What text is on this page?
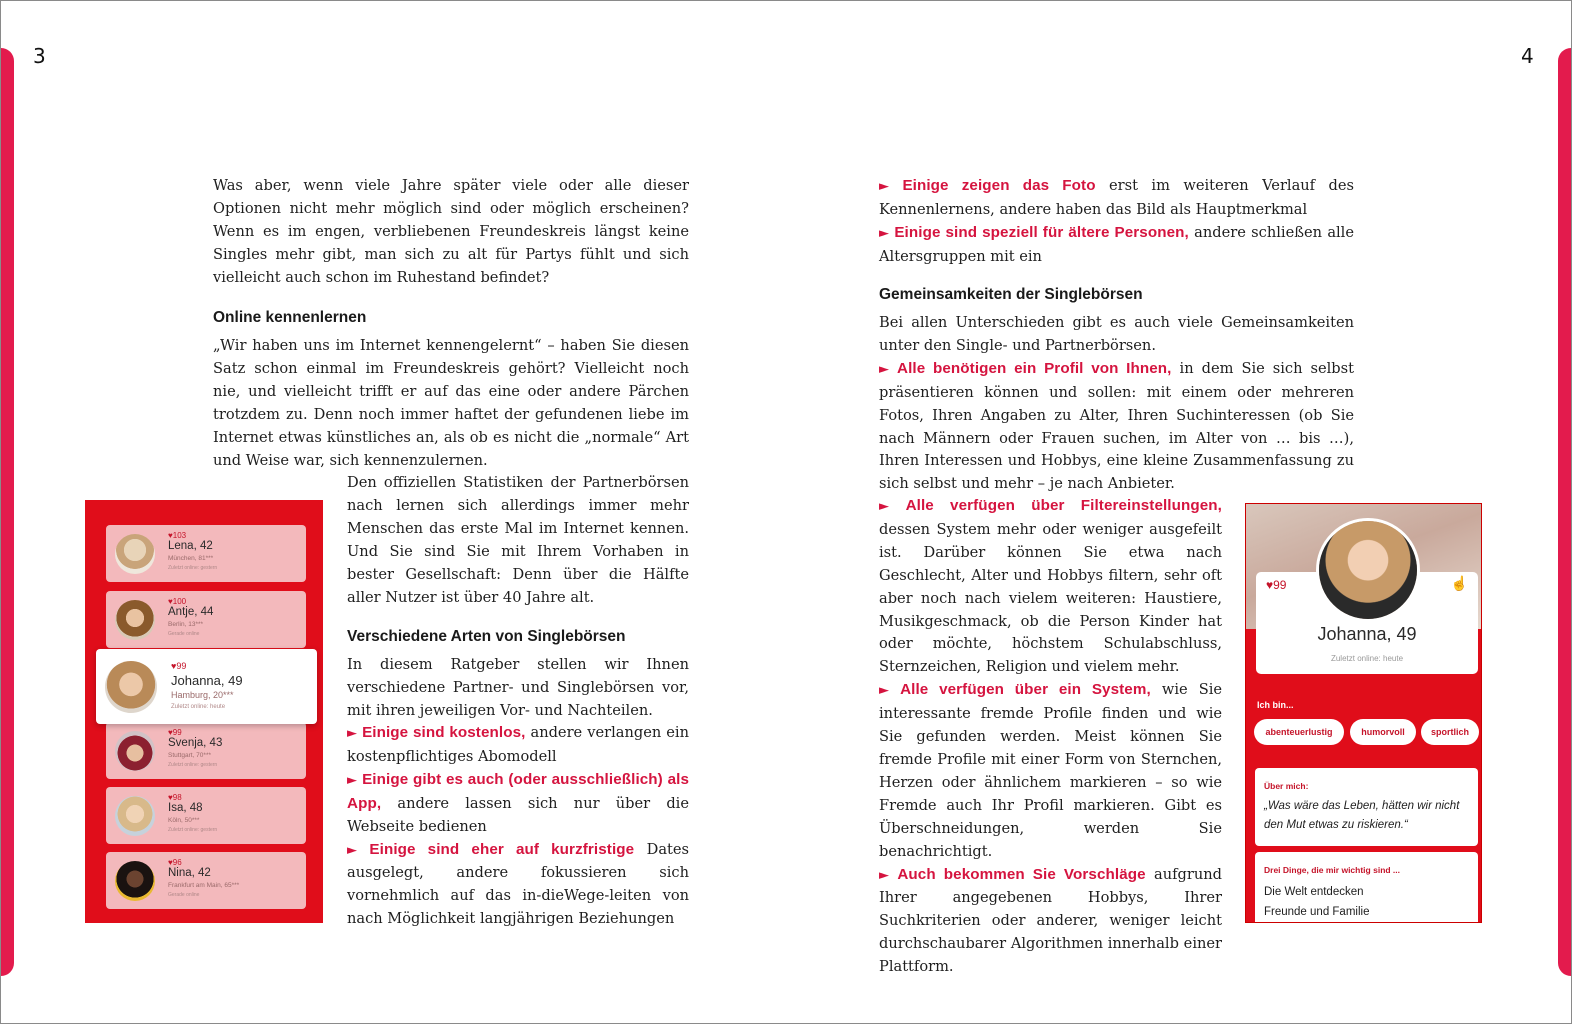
3	4

Was aber, wenn viele Jahre später viele oder alle dieser Optionen nicht mehr möglich sind oder möglich erscheinen? Wenn es im engen, verbliebenen Freundeskreis längst keine Singles mehr gibt, man sich zu alt für Partys fühlt und sich vielleicht auch schon im Ruhestand befindet?

Online kennenlernen

„Wir haben uns im Internet kennengelernt“ – haben Sie diesen Satz schon einmal im Freundeskreis gehört? Vielleicht noch nie, und vielleicht trifft er auf das eine oder andere Pärchen trotzdem zu. Denn noch immer haftet der gefundenen liebe im Internet etwas künstliches an, als ob es nicht die „normale“ Art und Weise war, sich kennenzulernen.

Den offiziellen Statistiken der Partnerbörsen nach lernen sich allerdings immer mehr Menschen das erste Mal im Internet kennen. Und Sie sind Sie mit Ihrem Vorhaben in bester Gesellschaft: Denn über die Hälfte aller Nutzer ist über 40 Jahre alt.

Verschiedene Arten von Singlebörsen

In diesem Ratgeber stellen wir Ihnen verschiedene Partner- und Singlebörsen vor, mit ihren jeweiligen Vor- und Nachteilen.

► Einige sind kostenlos, andere verlangen ein kostenpflichtiges Abomodell
► Einige gibt es auch (oder ausschließlich) als App, andere lassen sich nur über die Webseite bedienen
► Einige sind eher auf kurzfristige Dates ausgelegt, andere fokussieren sich vornehmlich auf das in-dieWege-leiten von nach Möglichkeit langjährigen Beziehungen
♥103
Lena, 42
München, 81***
Zuletzt online: gestern
♥100
Antje, 44
Berlin, 13***
Gerade online
♥99
Svenja, 43
Stuttgart, 70***
Zuletzt online: gestern
♥98
Isa, 48
Köln, 50***
Zuletzt online: gestern
♥96
Nina, 42
Frankfurt am Main, 65***
Gerade online
♥99
Johanna, 49
Hamburg, 20***
Zuletzt online: heute
► Einige zeigen das Foto erst im weiteren Verlauf des Kennenlernens, andere haben das Bild als Hauptmerkmal
► Einige sind speziell für ältere Personen, andere schließen alle Altersgruppen mit ein
Gemeinsamkeiten der Singlebörsen
Bei allen Unterschieden gibt es auch viele Gemeinsamkeiten unter den Single- und Partnerbörsen.
► Alle benötigen ein Profil von Ihnen, in dem Sie sich selbst präsentieren können und sollen: mit einem oder mehreren Fotos, Ihren Angaben zu Alter, Ihren Suchinteressen (ob Sie nach Männern oder Frauen suchen, im Alter von … bis …), Ihren Interessen und Hobbys, eine kleine Zusammenfassung zu sich selbst und mehr – je nach Anbieter.
► Alle verfügen über Filtereinstellungen, dessen System mehr oder weniger ausgefeilt ist. Darüber können Sie etwa nach Geschlecht, Alter und Hobbys filtern, sehr oft aber noch nach vielem weiteren: Haustiere, Musikgeschmack, ob die Person Kinder hat oder möchte, höchstem Schulabschluss, Sternzeichen, Religion und vielem mehr.
► Alle verfügen über ein System, wie Sie interessante fremde Profile finden und wie Sie gefunden werden. Meist können Sie fremde Profile mit einer Form von Sternchen, Herzen oder ähnlichem markieren – so wie Fremde auch Ihr Profil markieren. Gibt es Überschneidungen, werden Sie benachrichtigt.
► Auch bekommen Sie Vorschläge aufgrund Ihrer angegebenen Hobbys, Ihrer Suchkriterien oder anderer, weniger leicht durchschaubarer Algorithmen innerhalb einer Plattform.
♥99	☝
Johanna, 49
Zuletzt online: heute
Ich bin...
abenteuerlustig	humorvoll	sportlich
Über mich:
„Was wäre das Leben, hätten wir nicht den Mut etwas zu riskieren.“
Drei Dinge, die mir wichtig sind ...
Die Welt entdecken
Freunde und Familie
